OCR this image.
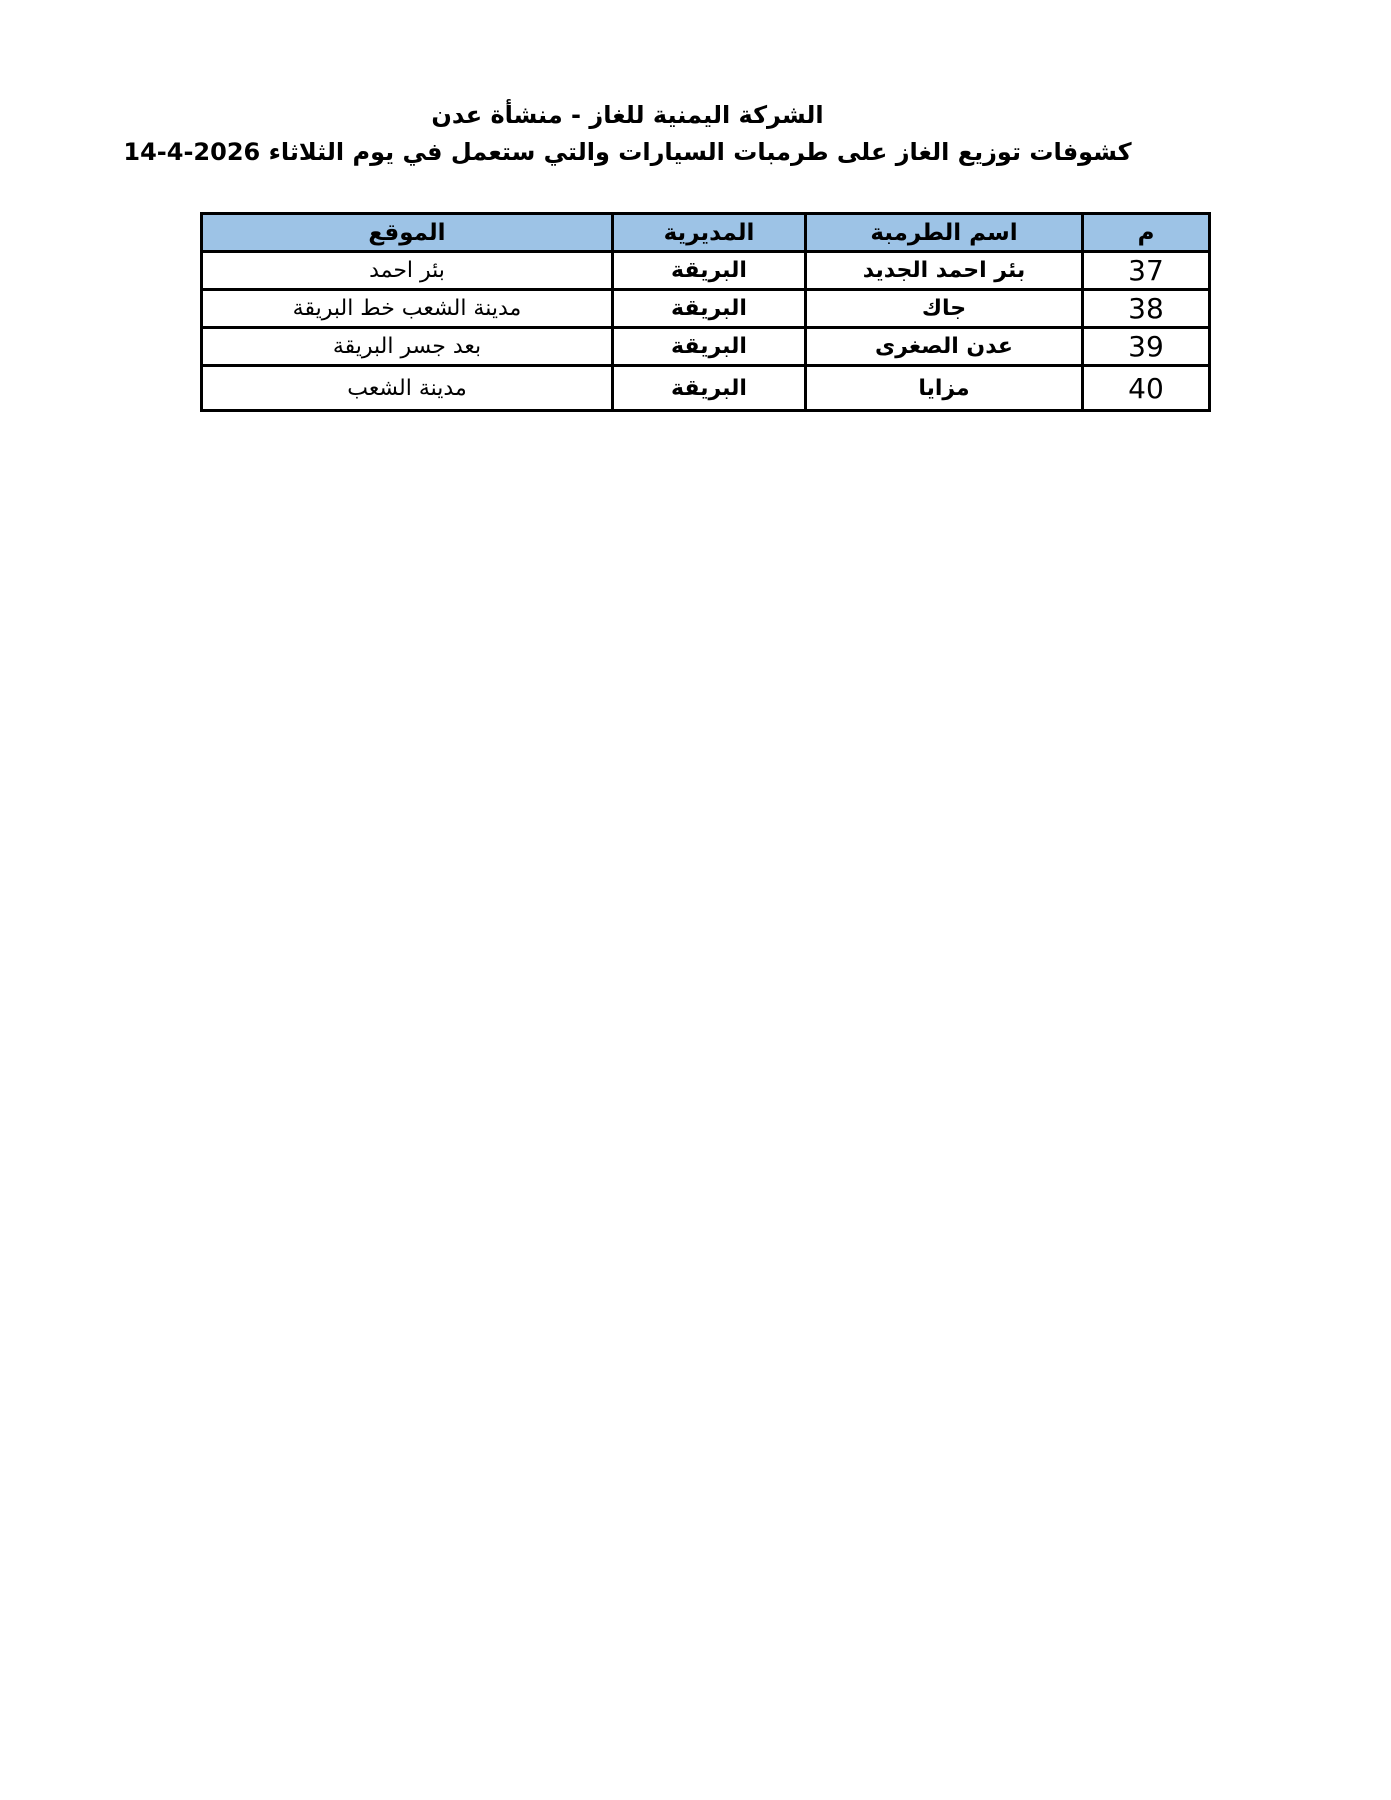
الشركة اليمنية للغاز - منشأة عدن
كشوفات توزيع الغاز على طرمبات السيارات والتي ستعمل في يوم الثلاثاء 2026-4-14
م	اسم الطرمبة	المديرية	الموقع
37	بئر احمد الجديد	البريقة	بئر احمد
38	جاك	البريقة	مدينة الشعب خط البريقة
39	عدن الصغرى	البريقة	بعد جسر البريقة
40	مزايا	البريقة	مدينة الشعب
